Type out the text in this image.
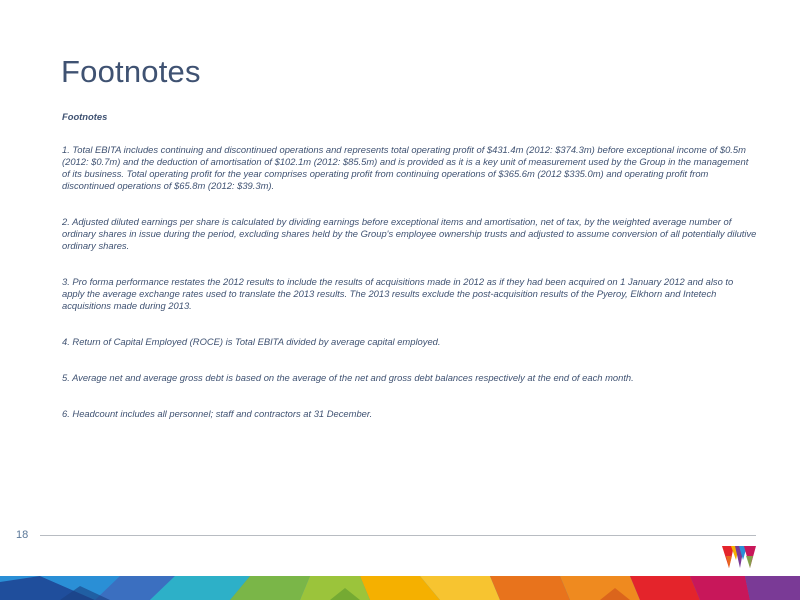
Footnotes

Footnotes

1. Total EBITA includes continuing and discontinued operations and represents total operating profit of $431.4m (2012: $374.3m) before exceptional income of $0.5m (2012: $0.7m) and the deduction of amortisation of $102.1m (2012: $85.5m) and is provided as it is a key unit of measurement used by the Group in the management of its business. Total operating profit for the year comprises operating profit from continuing operations of $365.6m (2012 $335.0m) and operating profit from discontinued operations of $65.8m (2012: $39.3m).

2. Adjusted diluted earnings per share is calculated by dividing earnings before exceptional items and amortisation, net of tax, by the weighted average number of ordinary shares in issue during the period, excluding shares held by the Group's employee ownership trusts and adjusted to assume conversion of all potentially dilutive ordinary shares.

3. Pro forma performance restates the 2012 results to include the results of acquisitions made in 2012 as if they had been acquired on 1 January 2012 and also to apply the average exchange rates used to translate the 2013 results. The 2013 results exclude the post-acquisition results of the Pyeroy, Elkhorn and Intetech acquisitions made during 2013.

4. Return of Capital Employed (ROCE) is Total EBITA divided by average capital employed.

5. Average net and average gross debt is based on the average of the net and gross debt balances respectively at the end of each month.

6. Headcount includes all personnel; staff and contractors at 31 December.

18
